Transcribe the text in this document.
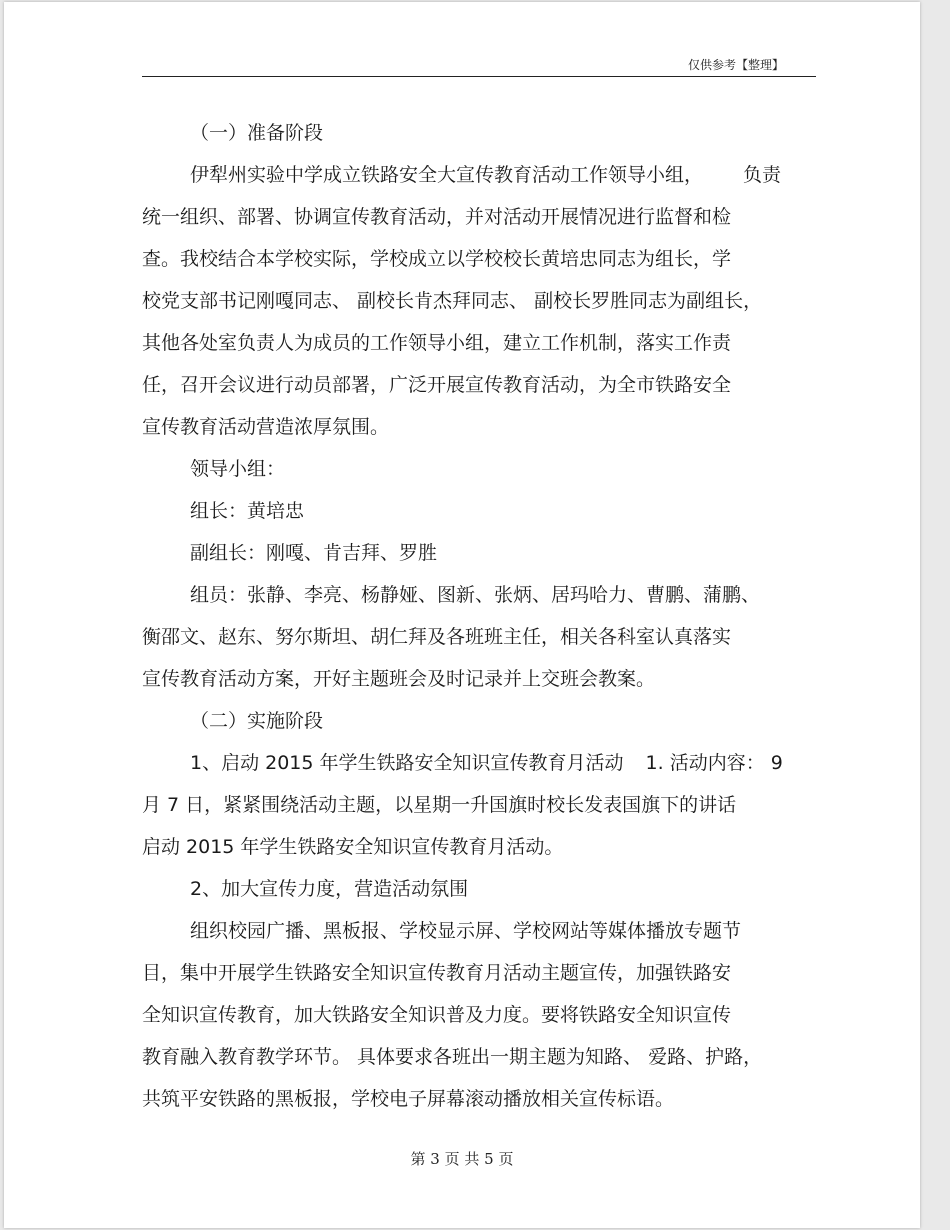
仅供参考【整理】
（一）准备阶段
伊犁州实验中学成立铁路安全大宣传教育活动工作领导小组， 负责
统一组织、部署、协调宣传教育活动，并对活动开展情况进行监督和检
查。我校结合本学校实际，学校成立以学校校长黄培忠同志为组长，学
校党支部书记刚嘎同志、 副校长肯杰拜同志、 副校长罗胜同志为副组长，
其他各处室负责人为成员的工作领导小组，建立工作机制，落实工作责
任，召开会议进行动员部署，广泛开展宣传教育活动，为全市铁路安全
宣传教育活动营造浓厚氛围。
领导小组：
组长：黄培忠
副组长：刚嘎、肯吉拜、罗胜
组员：张静、李亮、杨静娅、图新、张炳、居玛哈力、曹鹏、蒲鹏、
衡邵文、赵东、努尔斯坦、胡仁拜及各班班主任，相关各科室认真落实
宣传教育活动方案，开好主题班会及时记录并上交班会教案。
（二）实施阶段
1、启动 2015 年学生铁路安全知识宣传教育月活动 1. 活动内容： 9
月 7 日，紧紧围绕活动主题，以星期一升国旗时校长发表国旗下的讲话
启动 2015 年学生铁路安全知识宣传教育月活动。
2、加大宣传力度，营造活动氛围
组织校园广播、黑板报、学校显示屏、学校网站等媒体播放专题节
目，集中开展学生铁路安全知识宣传教育月活动主题宣传，加强铁路安
全知识宣传教育，加大铁路安全知识普及力度。要将铁路安全知识宣传
教育融入教育教学环节。 具体要求各班出一期主题为知路、 爱路、护路，
共筑平安铁路的黑板报，学校电子屏幕滚动播放相关宣传标语。
第 3 页 共 5 页
